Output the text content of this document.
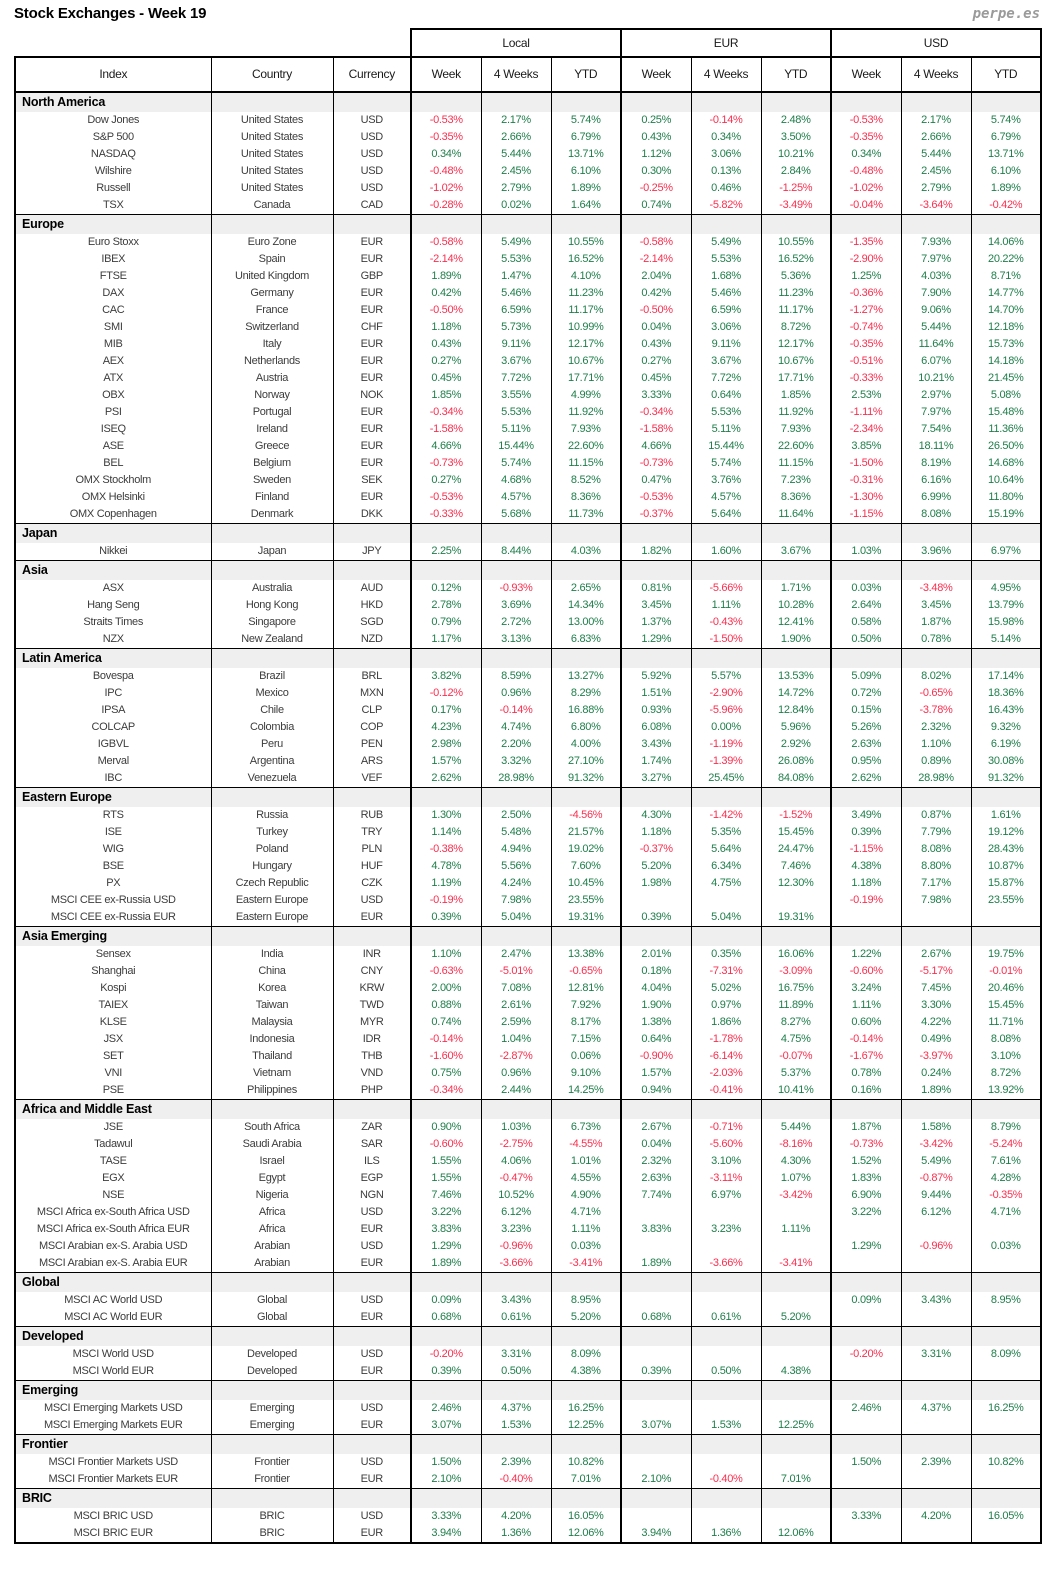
Stock Exchanges - Week 19	perpe.es
			Local			EUR			USD		
Index	Country	Currency	Week	4 Weeks	YTD	Week	4 Weeks	YTD	Week	4 Weeks	YTD
North America											
Dow Jones	United States	USD	-0.53%	2.17%	5.74%	0.25%	-0.14%	2.48%	-0.53%	2.17%	5.74%
S&P 500	United States	USD	-0.35%	2.66%	6.79%	0.43%	0.34%	3.50%	-0.35%	2.66%	6.79%
NASDAQ	United States	USD	0.34%	5.44%	13.71%	1.12%	3.06%	10.21%	0.34%	5.44%	13.71%
Wilshire	United States	USD	-0.48%	2.45%	6.10%	0.30%	0.13%	2.84%	-0.48%	2.45%	6.10%
Russell	United States	USD	-1.02%	2.79%	1.89%	-0.25%	0.46%	-1.25%	-1.02%	2.79%	1.89%
TSX	Canada	CAD	-0.28%	0.02%	1.64%	0.74%	-5.82%	-3.49%	-0.04%	-3.64%	-0.42%
Europe											
Euro Stoxx	Euro Zone	EUR	-0.58%	5.49%	10.55%	-0.58%	5.49%	10.55%	-1.35%	7.93%	14.06%
IBEX	Spain	EUR	-2.14%	5.53%	16.52%	-2.14%	5.53%	16.52%	-2.90%	7.97%	20.22%
FTSE	United Kingdom	GBP	1.89%	1.47%	4.10%	2.04%	1.68%	5.36%	1.25%	4.03%	8.71%
DAX	Germany	EUR	0.42%	5.46%	11.23%	0.42%	5.46%	11.23%	-0.36%	7.90%	14.77%
CAC	France	EUR	-0.50%	6.59%	11.17%	-0.50%	6.59%	11.17%	-1.27%	9.06%	14.70%
SMI	Switzerland	CHF	1.18%	5.73%	10.99%	0.04%	3.06%	8.72%	-0.74%	5.44%	12.18%
MIB	Italy	EUR	0.43%	9.11%	12.17%	0.43%	9.11%	12.17%	-0.35%	11.64%	15.73%
AEX	Netherlands	EUR	0.27%	3.67%	10.67%	0.27%	3.67%	10.67%	-0.51%	6.07%	14.18%
ATX	Austria	EUR	0.45%	7.72%	17.71%	0.45%	7.72%	17.71%	-0.33%	10.21%	21.45%
OBX	Norway	NOK	1.85%	3.55%	4.99%	3.33%	0.64%	1.85%	2.53%	2.97%	5.08%
PSI	Portugal	EUR	-0.34%	5.53%	11.92%	-0.34%	5.53%	11.92%	-1.11%	7.97%	15.48%
ISEQ	Ireland	EUR	-1.58%	5.11%	7.93%	-1.58%	5.11%	7.93%	-2.34%	7.54%	11.36%
ASE	Greece	EUR	4.66%	15.44%	22.60%	4.66%	15.44%	22.60%	3.85%	18.11%	26.50%
BEL	Belgium	EUR	-0.73%	5.74%	11.15%	-0.73%	5.74%	11.15%	-1.50%	8.19%	14.68%
OMX Stockholm	Sweden	SEK	0.27%	4.68%	8.52%	0.47%	3.76%	7.23%	-0.31%	6.16%	10.64%
OMX Helsinki	Finland	EUR	-0.53%	4.57%	8.36%	-0.53%	4.57%	8.36%	-1.30%	6.99%	11.80%
OMX Copenhagen	Denmark	DKK	-0.33%	5.68%	11.73%	-0.37%	5.64%	11.64%	-1.15%	8.08%	15.19%
Japan											
Nikkei	Japan	JPY	2.25%	8.44%	4.03%	1.82%	1.60%	3.67%	1.03%	3.96%	6.97%
Asia											
ASX	Australia	AUD	0.12%	-0.93%	2.65%	0.81%	-5.66%	1.71%	0.03%	-3.48%	4.95%
Hang Seng	Hong Kong	HKD	2.78%	3.69%	14.34%	3.45%	1.11%	10.28%	2.64%	3.45%	13.79%
Straits Times	Singapore	SGD	0.79%	2.72%	13.00%	1.37%	-0.43%	12.41%	0.58%	1.87%	15.98%
NZX	New Zealand	NZD	1.17%	3.13%	6.83%	1.29%	-1.50%	1.90%	0.50%	0.78%	5.14%
Latin America											
Bovespa	Brazil	BRL	3.82%	8.59%	13.27%	5.92%	5.57%	13.53%	5.09%	8.02%	17.14%
IPC	Mexico	MXN	-0.12%	0.96%	8.29%	1.51%	-2.90%	14.72%	0.72%	-0.65%	18.36%
IPSA	Chile	CLP	0.17%	-0.14%	16.88%	0.93%	-5.96%	12.84%	0.15%	-3.78%	16.43%
COLCAP	Colombia	COP	4.23%	4.74%	6.80%	6.08%	0.00%	5.96%	5.26%	2.32%	9.32%
IGBVL	Peru	PEN	2.98%	2.20%	4.00%	3.43%	-1.19%	2.92%	2.63%	1.10%	6.19%
Merval	Argentina	ARS	1.57%	3.32%	27.10%	1.74%	-1.39%	26.08%	0.95%	0.89%	30.08%
IBC	Venezuela	VEF	2.62%	28.98%	91.32%	3.27%	25.45%	84.08%	2.62%	28.98%	91.32%
Eastern Europe											
RTS	Russia	RUB	1.30%	2.50%	-4.56%	4.30%	-1.42%	-1.52%	3.49%	0.87%	1.61%
ISE	Turkey	TRY	1.14%	5.48%	21.57%	1.18%	5.35%	15.45%	0.39%	7.79%	19.12%
WIG	Poland	PLN	-0.38%	4.94%	19.02%	-0.37%	5.64%	24.47%	-1.15%	8.08%	28.43%
BSE	Hungary	HUF	4.78%	5.56%	7.60%	5.20%	6.34%	7.46%	4.38%	8.80%	10.87%
PX	Czech Republic	CZK	1.19%	4.24%	10.45%	1.98%	4.75%	12.30%	1.18%	7.17%	15.87%
MSCI CEE ex-Russia USD	Eastern Europe	USD	-0.19%	7.98%	23.55%				-0.19%	7.98%	23.55%
MSCI CEE ex-Russia EUR	Eastern Europe	EUR	0.39%	5.04%	19.31%	0.39%	5.04%	19.31%			
Asia Emerging											
Sensex	India	INR	1.10%	2.47%	13.38%	2.01%	0.35%	16.06%	1.22%	2.67%	19.75%
Shanghai	China	CNY	-0.63%	-5.01%	-0.65%	0.18%	-7.31%	-3.09%	-0.60%	-5.17%	-0.01%
Kospi	Korea	KRW	2.00%	7.08%	12.81%	4.04%	5.02%	16.75%	3.24%	7.45%	20.46%
TAIEX	Taiwan	TWD	0.88%	2.61%	7.92%	1.90%	0.97%	11.89%	1.11%	3.30%	15.45%
KLSE	Malaysia	MYR	0.74%	2.59%	8.17%	1.38%	1.86%	8.27%	0.60%	4.22%	11.71%
JSX	Indonesia	IDR	-0.14%	1.04%	7.15%	0.64%	-1.78%	4.75%	-0.14%	0.49%	8.08%
SET	Thailand	THB	-1.60%	-2.87%	0.06%	-0.90%	-6.14%	-0.07%	-1.67%	-3.97%	3.10%
VNI	Vietnam	VND	0.75%	0.96%	9.10%	1.57%	-2.03%	5.37%	0.78%	0.24%	8.72%
PSE	Philippines	PHP	-0.34%	2.44%	14.25%	0.94%	-0.41%	10.41%	0.16%	1.89%	13.92%
Africa and Middle East											
JSE	South Africa	ZAR	0.90%	1.03%	6.73%	2.67%	-0.71%	5.44%	1.87%	1.58%	8.79%
Tadawul	Saudi Arabia	SAR	-0.60%	-2.75%	-4.55%	0.04%	-5.60%	-8.16%	-0.73%	-3.42%	-5.24%
TASE	Israel	ILS	1.55%	4.06%	1.01%	2.32%	3.10%	4.30%	1.52%	5.49%	7.61%
EGX	Egypt	EGP	1.55%	-0.47%	4.55%	2.63%	-3.11%	1.07%	1.83%	-0.87%	4.28%
NSE	Nigeria	NGN	7.46%	10.52%	4.90%	7.74%	6.97%	-3.42%	6.90%	9.44%	-0.35%
MSCI Africa ex-South Africa USD	Africa	USD	3.22%	6.12%	4.71%				3.22%	6.12%	4.71%
MSCI Africa ex-South Africa EUR	Africa	EUR	3.83%	3.23%	1.11%	3.83%	3.23%	1.11%			
MSCI Arabian ex-S. Arabia USD	Arabian	USD	1.29%	-0.96%	0.03%				1.29%	-0.96%	0.03%
MSCI Arabian ex-S. Arabia EUR	Arabian	EUR	1.89%	-3.66%	-3.41%	1.89%	-3.66%	-3.41%			
Global											
MSCI AC World USD	Global	USD	0.09%	3.43%	8.95%				0.09%	3.43%	8.95%
MSCI AC World EUR	Global	EUR	0.68%	0.61%	5.20%	0.68%	0.61%	5.20%			
Developed											
MSCI World USD	Developed	USD	-0.20%	3.31%	8.09%				-0.20%	3.31%	8.09%
MSCI World EUR	Developed	EUR	0.39%	0.50%	4.38%	0.39%	0.50%	4.38%			
Emerging											
MSCI Emerging Markets USD	Emerging	USD	2.46%	4.37%	16.25%				2.46%	4.37%	16.25%
MSCI Emerging Markets EUR	Emerging	EUR	3.07%	1.53%	12.25%	3.07%	1.53%	12.25%			
Frontier											
MSCI Frontier Markets USD	Frontier	USD	1.50%	2.39%	10.82%				1.50%	2.39%	10.82%
MSCI Frontier Markets EUR	Frontier	EUR	2.10%	-0.40%	7.01%	2.10%	-0.40%	7.01%			
BRIC											
MSCI BRIC USD	BRIC	USD	3.33%	4.20%	16.05%				3.33%	4.20%	16.05%
MSCI BRIC EUR	BRIC	EUR	3.94%	1.36%	12.06%	3.94%	1.36%	12.06%			
